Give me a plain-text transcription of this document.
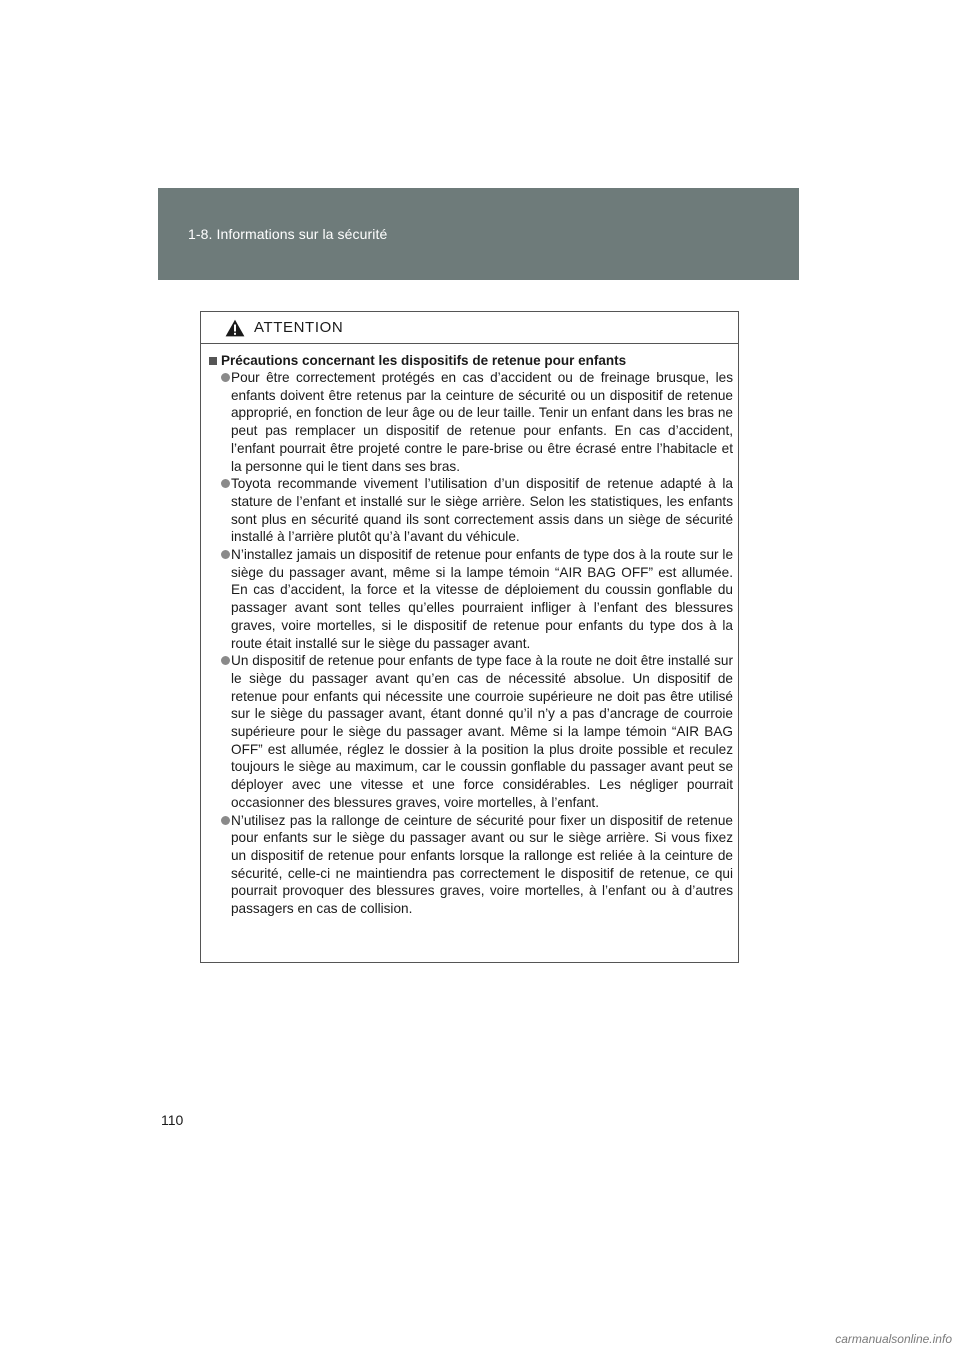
1-8. Informations sur la sécurité
ATTENTION
Précautions concernant les dispositifs de retenue pour enfants

Pour être correctement protégés en cas d’accident ou de freinage brusque, les enfants doivent être retenus par la ceinture de sécurité ou un dispositif de retenue approprié, en fonction de leur âge ou de leur taille. Tenir un enfant dans les bras ne peut pas remplacer un dispositif de retenue pour enfants. En cas d’accident, l’enfant pourrait être projeté contre le pare-brise ou être écrasé entre l’habitacle et la personne qui le tient dans ses bras.

Toyota recommande vivement l’utilisation d’un dispositif de retenue adapté à la stature de l’enfant et installé sur le siège arrière. Selon les statistiques, les enfants sont plus en sécurité quand ils sont correctement assis dans un siège de sécurité installé à l’arrière plutôt qu’à l’avant du véhicule.

N’installez jamais un dispositif de retenue pour enfants de type dos à la route sur le siège du passager avant, même si la lampe témoin “AIR BAG OFF” est allumée. En cas d’accident, la force et la vitesse de déploiement du coussin gonflable du passager avant sont telles qu’elles pourraient infliger à l’enfant des blessures graves, voire mortelles, si le dispositif de retenue pour enfants du type dos à la route était installé sur le siège du passager avant.

Un dispositif de retenue pour enfants de type face à la route ne doit être installé sur le siège du passager avant qu’en cas de nécessité absolue. Un dispositif de retenue pour enfants qui nécessite une courroie supérieure ne doit pas être utilisé sur le siège du passager avant, étant donné qu’il n’y a pas d’ancrage de courroie supérieure pour le siège du passager avant. Même si la lampe témoin “AIR BAG OFF” est allumée, réglez le dossier à la position la plus droite possible et reculez toujours le siège au maximum, car le coussin gonflable du passager avant peut se déployer avec une vitesse et une force considérables. Les négliger pourrait occasionner des blessures graves, voire mortelles, à l’enfant.

N’utilisez pas la rallonge de ceinture de sécurité pour fixer un dispositif de retenue pour enfants sur le siège du passager avant ou sur le siège arrière. Si vous fixez un dispositif de retenue pour enfants lorsque la rallonge est reliée à la ceinture de sécurité, celle-ci ne maintiendra pas correctement le dispositif de retenue, ce qui pourrait provoquer des blessures graves, voire mortelles, à l’enfant ou à d’autres passagers en cas de collision.

110
carmanualsonline.info
